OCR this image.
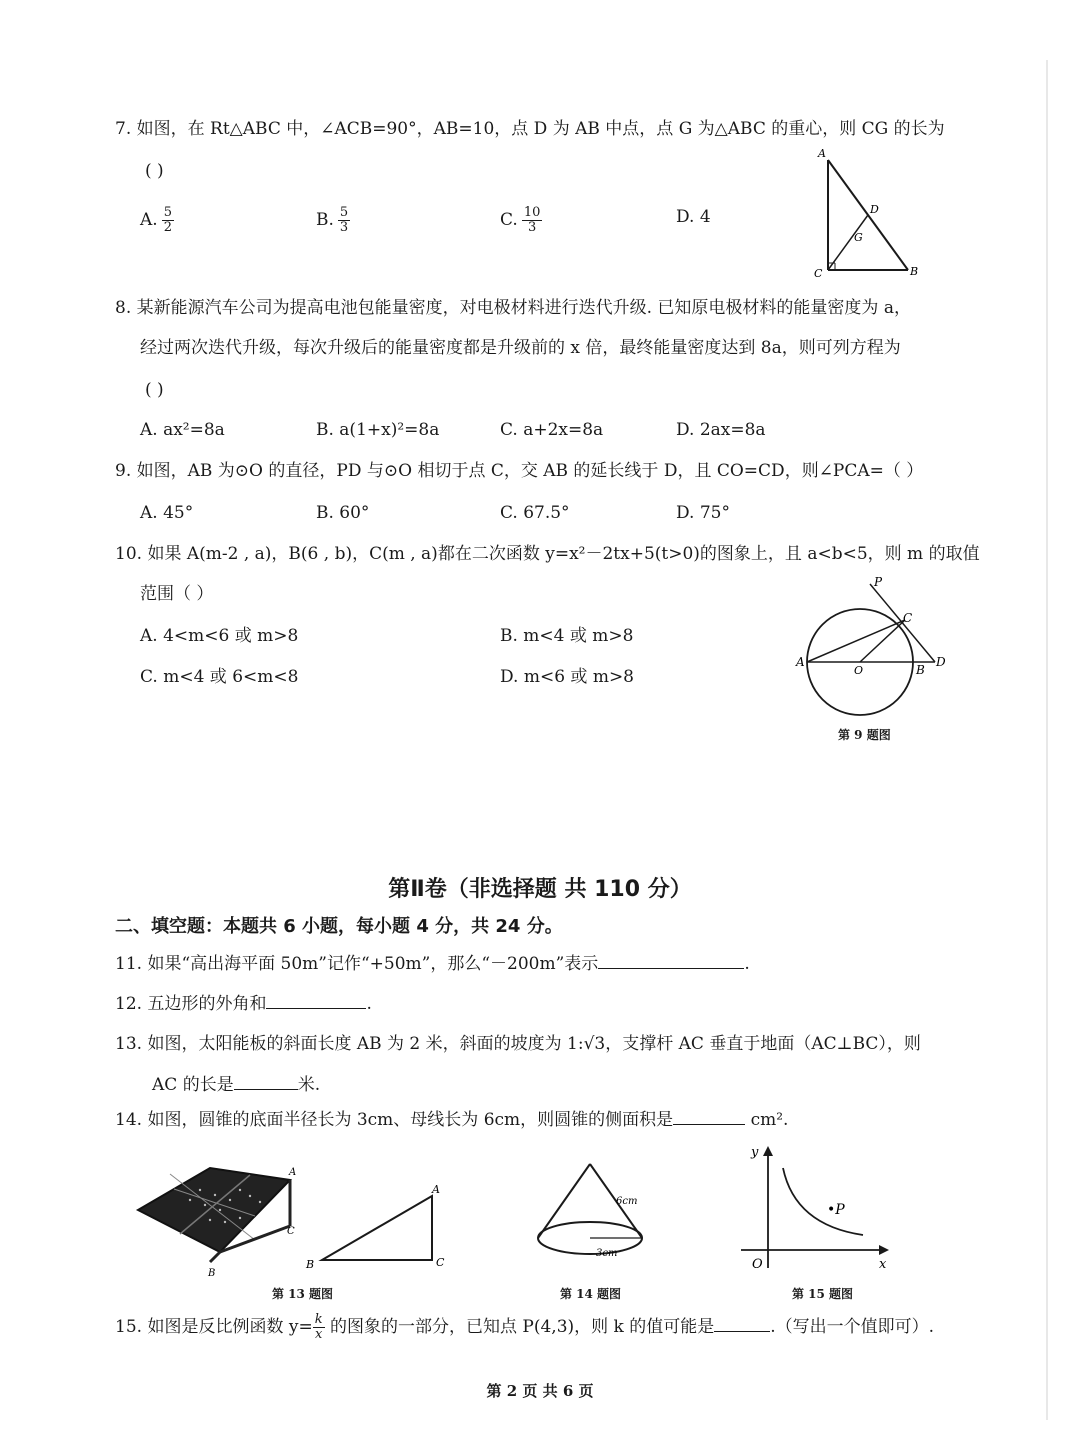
7. 如图，在 Rt△ABC 中，∠ACB=90°，AB=10，点 D 为 AB 中点，点 G 为△ABC 的重心，则 CG 的长为
( )
A. $\frac{5}{2}$	B. $\frac{5}{3}$	C. $\frac{10}{3}$	D. 4
A
B
C
D
G
8. 某新能源汽车公司为提高电池包能量密度，对电极材料进行迭代升级. 已知原电极材料的能量密度为 a，
经过两次迭代升级，每次升级后的能量密度都是升级前的 x 倍，最终能量密度达到 8a，则可列方程为
( )
A. ax²=8a	B. a(1+x)²=8a	C. a+2x=8a	D. 2ax=8a
9. 如图，AB 为⊙O 的直径，PD 与⊙O 相切于点 C，交 AB 的延长线于 D，且 CO=CD，则∠PCA=（ ）
A. 45°	B. 60°	C. 67.5°	D. 75°
10. 如果 A(m-2 , a)，B(6 , b)，C(m , a)都在二次函数 y=x²－2tx+5(t>0)的图象上，且 a<b<5，则 m 的取值
范围（ ）
A. 4<m<6 或 m>8	B. m<4 或 m>8
C. m<4 或 6<m<8	D. m<6 或 m>8
P
C
A
O	B
D
第 9 题图
第Ⅱ卷（非选择题 共 110 分）
二、填空题：本题共 6 小题，每小题 4 分，共 24 分。
11. 如果“高出海平面 50m”记作“+50m”，那么“－200m”表示	.
12. 五边形的外角和	.
13. 如图，太阳能板的斜面长度 AB 为 2 米，斜面的坡度为 1:√3，支撑杆 AC 垂直于地面（AC⊥BC），则
AC 的长是	米.
14. 如图，圆锥的底面半径长为 3cm、母线长为 6cm，则圆锥的侧面积是	cm².
A
C
B
A
B	C
第 13 题图
6cm
3cm
第 14 题图
y
x
O
•P
第 15 题图
15. 如图是反比例函数 $y= \frac{k}{x}$ 的图象的一部分，已知点 P(4,3)，则 k 的值可能是	.（写出一个值即可）.
第 2 页 共 6 页
